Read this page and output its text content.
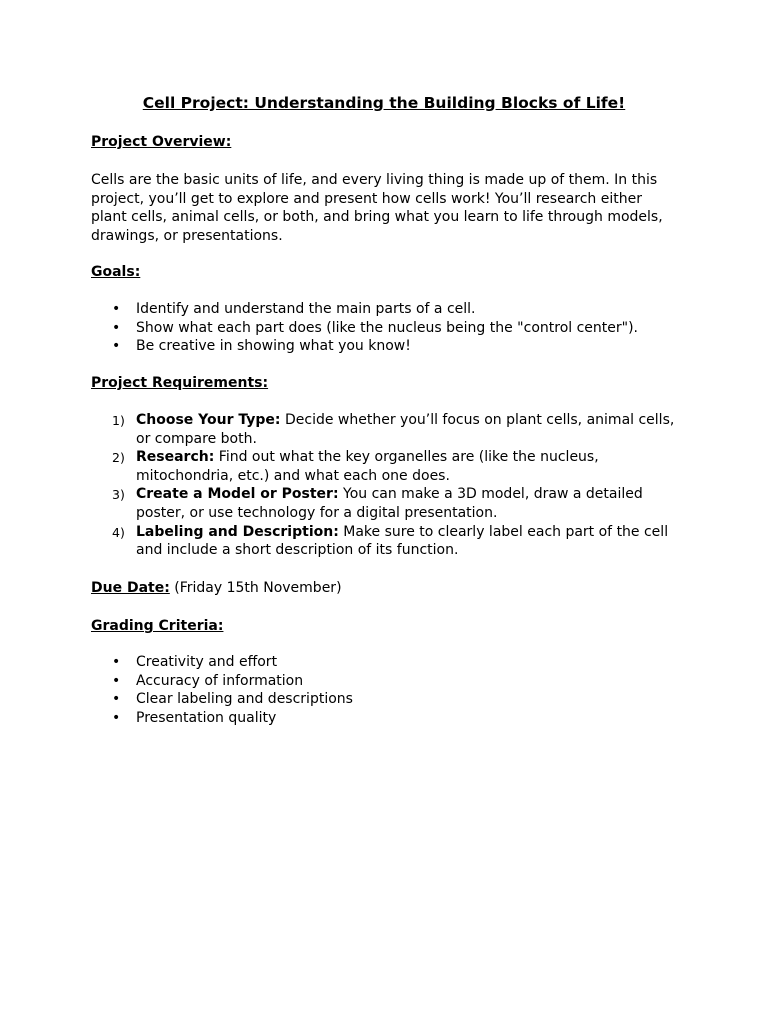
Cell Project: Understanding the Building Blocks of Life!
Project Overview:
Cells are the basic units of life, and every living thing is made up of them. In this project, you’ll get to explore and present how cells work! You’ll research either plant cells, animal cells, or both, and bring what you learn to life through models, drawings, or presentations.
Goals:
• Identify and understand the main parts of a cell.
• Show what each part does (like the nucleus being the "control center").
• Be creative in showing what you know!
Project Requirements:
1) Choose Your Type: Decide whether you’ll focus on plant cells, animal cells, or compare both.
2) Research: Find out what the key organelles are (like the nucleus, mitochondria, etc.) and what each one does.
3) Create a Model or Poster: You can make a 3D model, draw a detailed poster, or use technology for a digital presentation.
4) Labeling and Description: Make sure to clearly label each part of the cell and include a short description of its function.
Due Date: (Friday 15th November)
Grading Criteria:
• Creativity and effort
• Accuracy of information
• Clear labeling and descriptions
• Presentation quality
